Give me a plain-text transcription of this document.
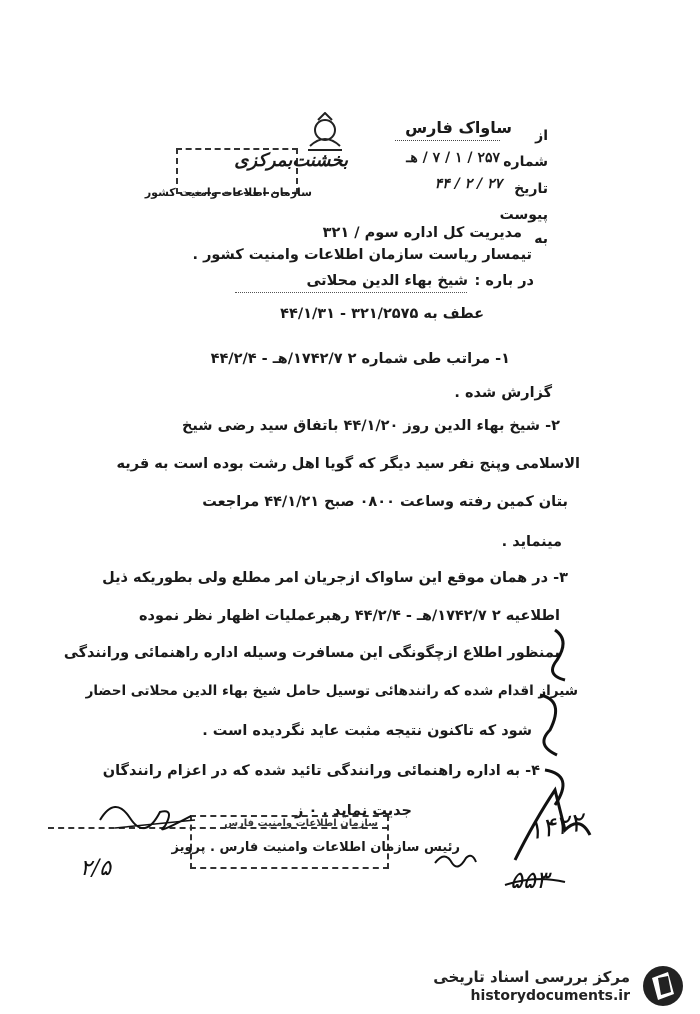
از
ساواک فارس
شماره
۲۵۷ / ۱ / ۷ / هـ
تاریخ
۴۴ / ۲ / ۲۷
پیوست
به
بخشنت‌بمرکزی
سازمان اطلاعات وامنیت کشور
مدیریت کل اداره سوم / ۳۲۱
تیمسار ریاست سازمان اطلاعات وامنیت کشور .
در باره :
شیخ بهاء الدین محلاتی
عطف به ۳۲۱/۲۵۷۵ - ۴۴/۱/۳۱
۱- مراتب طی شماره ۲ ۱۷۴۲/۷/هـ - ۴۴/۲/۴
گزارش شده .
۲- شیخ بهاء الدین روز ۴۴/۱/۲۰ باتفاق سید رضی شیخ
الاسلامی وپنج نفر سید دیگر که گویا اهل رشت بوده است به قریه
بتان کمین رفته وساعت ۰۸۰۰ صبح ۴۴/۱/۲۱ مراجعت
مینماید .
۳- در همان موقع این ساواک ازجریان امر مطلع ولی بطوریکه ذیل
اطلاعیه ۲ ۱۷۴۲/۷/هـ - ۴۴/۲/۴ رهبرعملیات اظهار نظر نموده
بمنظور اطلاع ازچگونگی این مسافرت وسیله اداره راهنمائی ورانندگی
شیراز اقدام شده که رانندهائی توسیل حامل شیخ بهاء الدین محلاتی احضار
شود که تاکنون نتیجه مثبت عاید نگردیده است .
۴- به اداره راهنمائی ورانندگی تائید شده که در اعزام رانندگان
جدیت نماید . ۰ ز
سازمان اطلاعات وامنیت فارس
رئیس سازمان اطلاعات وامنیت فارس . پرویز
۲/۵
۱۴۲۲
۵۵۳
مرکز بررسی اسناد تاریخی
historydocuments.ir
